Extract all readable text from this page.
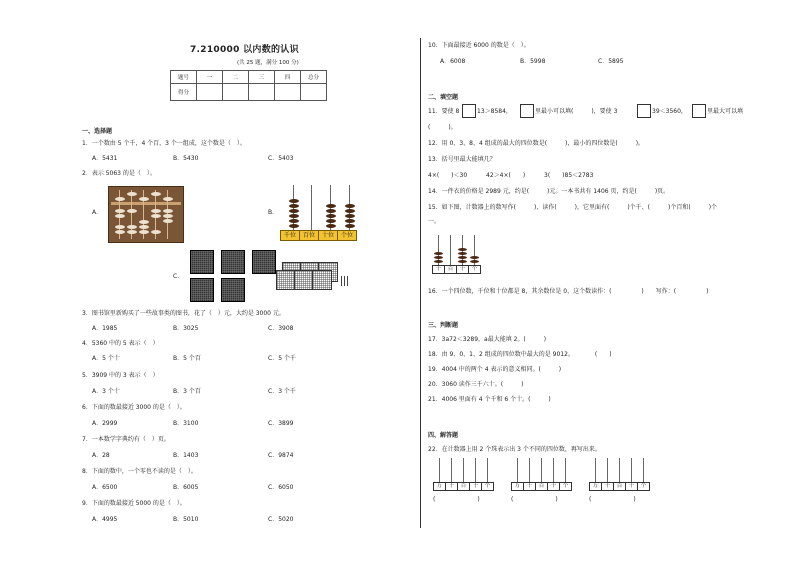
7.210000 以内数的认识
(共 25 题，满分 100 分)
题号	一	二	三	四	总分
得分					
一、选择题
1．一个数由 5 个千，4 个百，3 个一组成，这个数是（　）。
A．5431	B．5430	C．5403
2．表示 5063 的是（　）。
A．	B．
千位	百位	十位	个位
C．
3．图书馆里新购买了一些故事类的图书，花了（　）元，大约是 3000 元。
A．1985	B．3025	C．3908
4．5360 中的 5 表示（　）
A．5 个十	B．5 个百	C．5 个千
5．3909 中的 3 表示（　）
A．3 个十	B．3 个百	C．3 个千
6．下面的数最接近 3000 的是（　）。
A．2999	B．3100	C．3899
7．一本数学字典约有（　）页。
A．28	B．1403	C．9874
8．下面的数中，一个零也不读的是（　）。
A．6500	B．6005	C．6050
9．下面的数最接近 5000 的是（　）。
A．4995	B．5010	C．5020
10．下面最接近 6000 的数是（　）。
A．6008	B．5998	C．5895
二、填空题
11．要使 8	13＞8584，	里最小可以填(　　　)，要使 3	39＜3560，	里最大可以填
(　　　)。
12．用 0、3、8、4 组成的最大的四位数是(　　　)，最小的四位数是(　　　)。
13．括号里最大能填几？
4×(　　)＜30	42＞4×(　　)	3(　　)85＜2783
14．一件衣的价格是 2989 元，约是(　　　)元。一本书共有 1406 页，约是(　　　)页。
15．如下图，计数器上的数写作(　　　)，读作(　　　)，它里面有(　　　)个千、(　　　)个百和(　　　)个
一。
千	百	十	个
16．一个四位数，千位和十位都是 8，其余数位是 0，这个数读作：(　　　　　)　　写作：(　　　　　)
三、判断题
17．3a72＜3289，a最大能填 2。(　　　)
18．由 9、0、1、2 组成的四位数中最大的是 9012。　　　　(　　)
19．4004 中的两个 4 表示的意义相同。(　　　)
20．3060 读作三千六十。(　　　)
21．4006 里面有 4 个千和 6 个十。(　　　)
四、解答题
22．在计数器上用 2 个珠表示出 3 个不同的四位数，再写出来。
万	千	百	十	个
(　　　　　　　)
万	千	百	十	个
(　　　　　　　)
万	千	百	十	个
(　　　　　　　)
